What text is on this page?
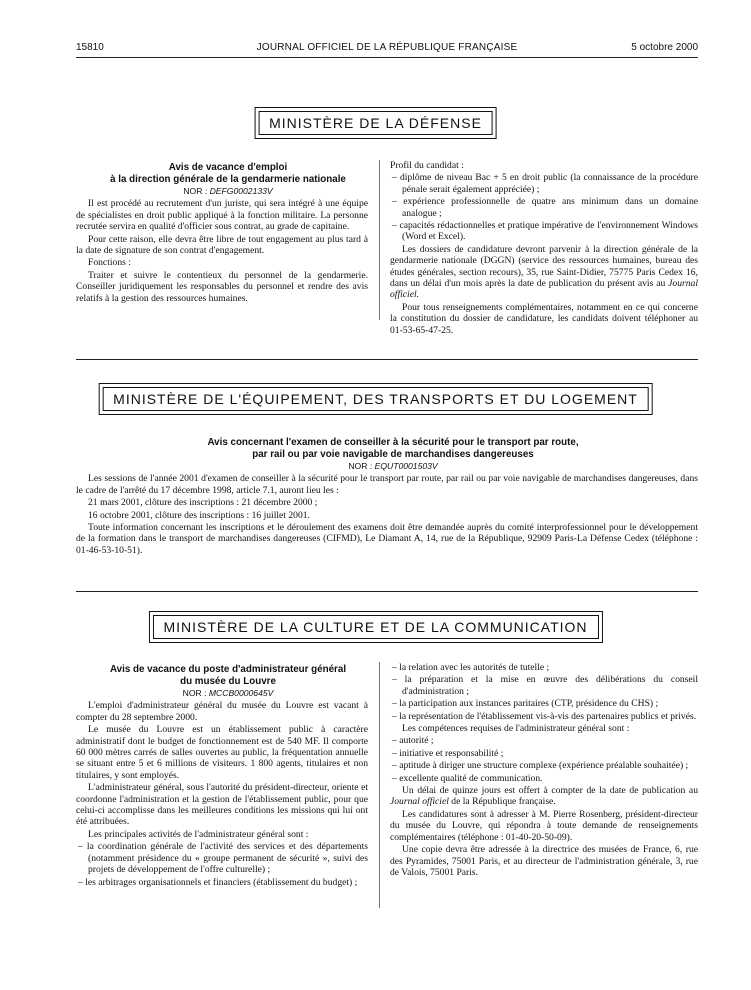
15810	JOURNAL OFFICIEL DE LA RÉPUBLIQUE FRANÇAISE	5 octobre 2000
MINISTÈRE DE LA DÉFENSE

Avis de vacance d'emploi

à la direction générale de la gendarmerie nationale

NOR : DEFG0002133V

Il est procédé au recrutement d'un juriste, qui sera intégré à une équipe de spécialistes en droit public appliqué à la fonction militaire. La personne recrutée servira en qualité d'officier sous contrat, au grade de capitaine.

Pour cette raison, elle devra être libre de tout engagement au plus tard à la date de signature de son contrat d'engagement.

Fonctions :

Traiter et suivre le contentieux du personnel de la gendarmerie. Conseiller juridiquement les responsables du personnel et rendre des avis relatifs à la gestion des ressources humaines.

Profil du candidat :

– diplôme de niveau Bac + 5 en droit public (la connaissance de la procédure pénale serait également appréciée) ;
– expérience professionnelle de quatre ans minimum dans un domaine analogue ;
– capacités rédactionnelles et pratique impérative de l'environnement Windows (Word et Excel).

Les dossiers de candidature devront parvenir à la direction générale de la gendarmerie nationale (DGGN) (service des ressources humaines, bureau des études générales, section recours), 35, rue Saint-Didier, 75775 Paris Cedex 16, dans un délai d'un mois après la date de publication du présent avis au Journal officiel.

Pour tous renseignements complémentaires, notamment en ce qui concerne la constitution du dossier de candidature, les candidats doivent téléphoner au 01-53-65-47-25.

MINISTÈRE DE L'ÉQUIPEMENT, DES TRANSPORTS ET DU LOGEMENT

Avis concernant l'examen de conseiller à la sécurité pour le transport par route,

par rail ou par voie navigable de marchandises dangereuses

NOR : EQUT0001503V

Les sessions de l'année 2001 d'examen de conseiller à la sécurité pour le transport par route, par rail ou par voie navigable de marchandises dangereuses, dans le cadre de l'arrêté du 17 décembre 1998, article 7.1, auront lieu les :

21 mars 2001, clôture des inscriptions : 21 décembre 2000 ;

16 octobre 2001, clôture des inscriptions : 16 juillet 2001.

Toute information concernant les inscriptions et le déroulement des examens doit être demandée auprès du comité interprofessionnel pour le développement de la formation dans le transport de marchandises dangereuses (CIFMD), Le Diamant A, 14, rue de la République, 92909 Paris-La Défense Cedex (téléphone : 01-46-53-10-51).

MINISTÈRE DE LA CULTURE ET DE LA COMMUNICATION

Avis de vacance du poste d'administrateur général

du musée du Louvre

NOR : MCCB0000645V

L'emploi d'administrateur général du musée du Louvre est vacant à compter du 28 septembre 2000.

Le musée du Louvre est un établissement public à caractère administratif dont le budget de fonctionnement est de 540 MF. Il comporte 60 000 mètres carrés de salles ouvertes au public, la fréquentation annuelle se situant entre 5 et 6 millions de visiteurs. 1 800 agents, titulaires et non titulaires, y sont employés.

L'administrateur général, sous l'autorité du président-directeur, oriente et coordonne l'administration et la gestion de l'établissement public, pour que celui-ci accomplisse dans les meilleures conditions les missions qui lui ont été attribuées.

Les principales activités de l'administrateur général sont :

– la coordination générale de l'activité des services et des départements (notamment présidence du « groupe permanent de sécurité », suivi des projets de développement de l'offre culturelle) ;
– les arbitrages organisationnels et financiers (établissement du budget) ;
– la relation avec les autorités de tutelle ;
– la préparation et la mise en œuvre des délibérations du conseil d'administration ;
– la participation aux instances paritaires (CTP, présidence du CHS) ;
– la représentation de l'établissement vis-à-vis des partenaires publics et privés.

Les compétences requises de l'administrateur général sont :

– autorité ;
– initiative et responsabilité ;
– aptitude à diriger une structure complexe (expérience préalable souhaitée) ;
– excellente qualité de communication.

Un délai de quinze jours est offert à compter de la date de publication au Journal officiel de la République française.

Les candidatures sont à adresser à M. Pierre Rosenberg, président-directeur du musée du Louvre, qui répondra à toute demande de renseignements complémentaires (téléphone : 01-40-20-50-09).

Une copie devra être adressée à la directrice des musées de France, 6, rue des Pyramides, 75001 Paris, et au directeur de l'administration générale, 3, rue de Valois, 75001 Paris.
